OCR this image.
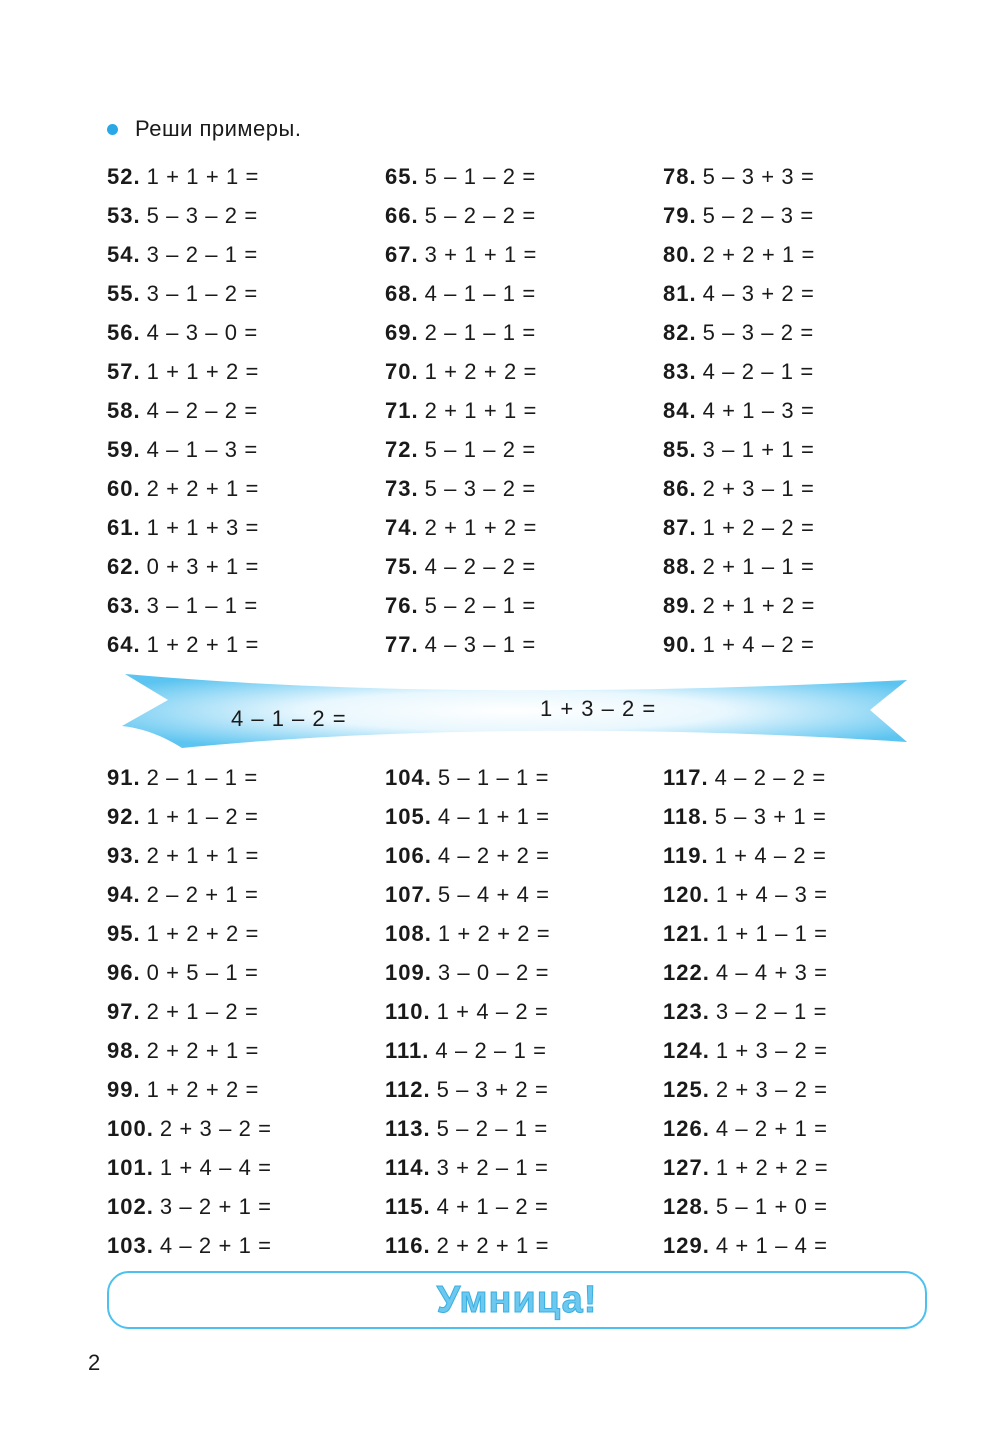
Реши примеры.
52. 1 + 1 + 1 =
53. 5 – 3 – 2 =
54. 3 – 2 – 1 =
55. 3 – 1 – 2 =
56. 4 – 3 – 0 =
57. 1 + 1 + 2 =
58. 4 – 2 – 2 =
59. 4 – 1 – 3 =
60. 2 + 2 + 1 =
61. 1 + 1 + 3 =
62. 0 + 3 + 1 =
63. 3 – 1 – 1 =
64. 1 + 2 + 1 =
65. 5 – 1 – 2 =
66. 5 – 2 – 2 =
67. 3 + 1 + 1 =
68. 4 – 1 – 1 =
69. 2 – 1 – 1 =
70. 1 + 2 + 2 =
71. 2 + 1 + 1 =
72. 5 – 1 – 2 =
73. 5 – 3 – 2 =
74. 2 + 1 + 2 =
75. 4 – 2 – 2 =
76. 5 – 2 – 1 =
77. 4 – 3 – 1 =
78. 5 – 3 + 3 =
79. 5 – 2 – 3 =
80. 2 + 2 + 1 =
81. 4 – 3 + 2 =
82. 5 – 3 – 2 =
83. 4 – 2 – 1 =
84. 4 + 1 – 3 =
85. 3 – 1 + 1 =
86. 2 + 3 – 1 =
87. 1 + 2 – 2 =
88. 2 + 1 – 1 =
89. 2 + 1 + 2 =
90. 1 + 4 – 2 =
4 – 1 – 2 =	1 + 3 – 2 =
91. 2 – 1 – 1 =
92. 1 + 1 – 2 =
93. 2 + 1 + 1 =
94. 2 – 2 + 1 =
95. 1 + 2 + 2 =
96. 0 + 5 – 1 =
97. 2 + 1 – 2 =
98. 2 + 2 + 1 =
99. 1 + 2 + 2 =
100. 2 + 3 – 2 =
101. 1 + 4 – 4 =
102. 3 – 2 + 1 =
103. 4 – 2 + 1 =
104. 5 – 1 – 1 =
105. 4 – 1 + 1 =
106. 4 – 2 + 2 =
107. 5 – 4 + 4 =
108. 1 + 2 + 2 =
109. 3 – 0 – 2 =
110. 1 + 4 – 2 =
111. 4 – 2 – 1 =
112. 5 – 3 + 2 =
113. 5 – 2 – 1 =
114. 3 + 2 – 1 =
115. 4 + 1 – 2 =
116. 2 + 2 + 1 =
117. 4 – 2 – 2 =
118. 5 – 3 + 1 =
119. 1 + 4 – 2 =
120. 1 + 4 – 3 =
121. 1 + 1 – 1 =
122. 4 – 4 + 3 =
123. 3 – 2 – 1 =
124. 1 + 3 – 2 =
125. 2 + 3 – 2 =
126. 4 – 2 + 1 =
127. 1 + 2 + 2 =
128. 5 – 1 + 0 =
129. 4 + 1 – 4 =
Умница!
2
